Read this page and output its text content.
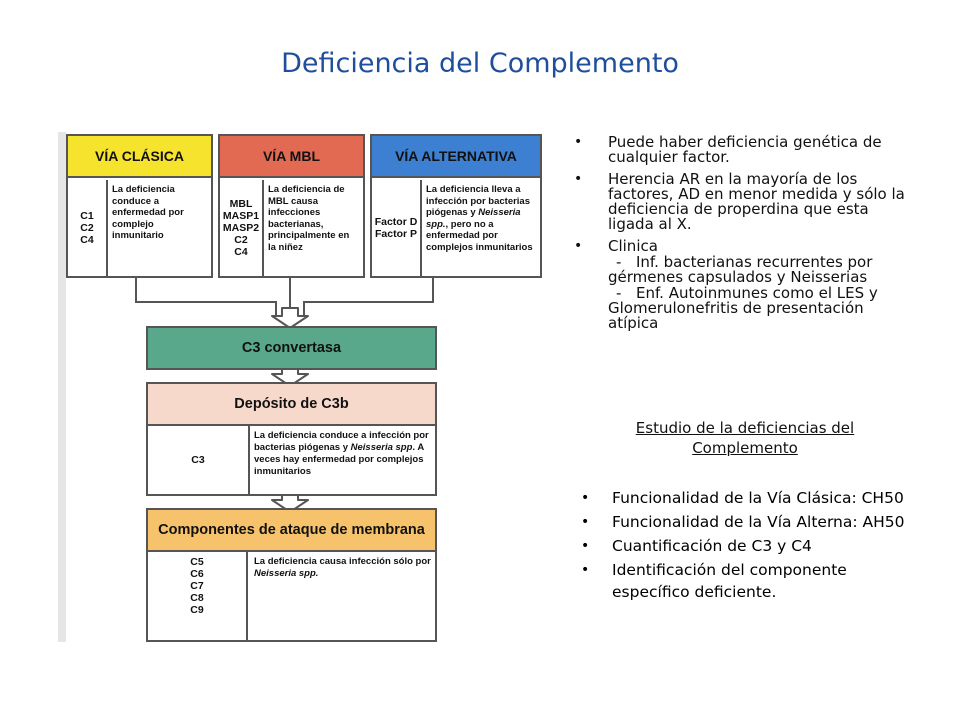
Deficiencia del Complemento
VÍA CLÁSICA
C1
C2
C4
La deficiencia conduce a enfermedad por complejo inmunitario
VÍA MBL
MBL
MASP1
MASP2
C2
C4
La deficiencia de MBL causa infecciones bacterianas, principalmente en la niñez
VÍA ALTERNATIVA
Factor D
Factor P
La deficiencia lleva a infección por bacterias piógenas y Neisseria spp., pero no a enfermedad por complejos inmunitarios
C3 convertasa
Depósito de C3b
C3
La deficiencia conduce a infección por bacterias piógenas y Neisseria spp. A veces hay enfermedad por complejos inmunitarios
Componentes de ataque de membrana
C5
C6
C7
C8
C9
La deficiencia causa infección sólo por Neisseria spp.
• Puede haber deficiencia genética de cualquier factor.
• Herencia AR en la mayoría de los factores, AD en menor medida y sólo la deficiencia de properdina que esta ligada al X.
• Clinica
- Inf. bacterianas recurrentes por gérmenes capsulados y Neisserias
- Enf. Autoinmunes como el LES y Glomerulonefritis de presentación atípica
Estudio de la deficiencias del Complemento
• Funcionalidad de la Vía Clásica: CH50
• Funcionalidad de la Vía Alterna: AH50
• Cuantificación de C3 y C4
• Identificación del componente específico deficiente.
